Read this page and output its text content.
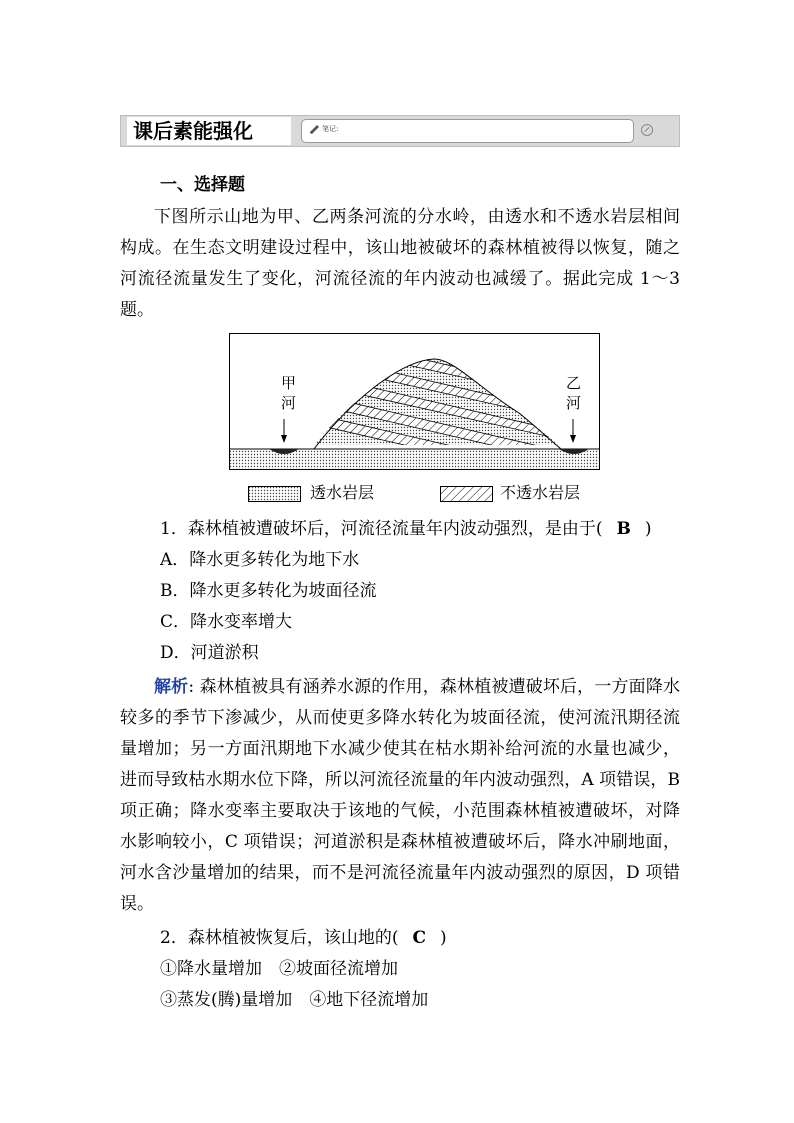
课后素能强化	笔记:
一、选择题
下图所示山地为甲、乙两条河流的分水岭，由透水和不透水岩层相间构成。在生态文明建设过程中，该山地被破坏的森林植被得以恢复，随之河流径流量发生了变化，河流径流的年内波动也减缓了。据此完成 1～3 题。
甲
河
乙
河
透水岩层	不透水岩层
1．森林植被遭破坏后，河流径流量年内波动强烈，是由于( B )
A．降水更多转化为地下水
B．降水更多转化为坡面径流
C．降水变率增大
D．河道淤积
解析: 森林植被具有涵养水源的作用，森林植被遭破坏后，一方面降水较多的季节下渗减少，从而使更多降水转化为坡面径流，使河流汛期径流量增加；另一方面汛期地下水减少使其在枯水期补给河流的水量也减少，进而导致枯水期水位下降，所以河流径流量的年内波动强烈，A 项错误，B 项正确；降水变率主要取决于该地的气候，小范围森林植被遭破坏，对降水影响较小，C 项错误；河道淤积是森林植被遭破坏后，降水冲刷地面，河水含沙量增加的结果，而不是河流径流量年内波动强烈的原因，D 项错误。
2．森林植被恢复后，该山地的( C )
①降水量增加　②坡面径流增加
③蒸发(腾)量增加　④地下径流增加
